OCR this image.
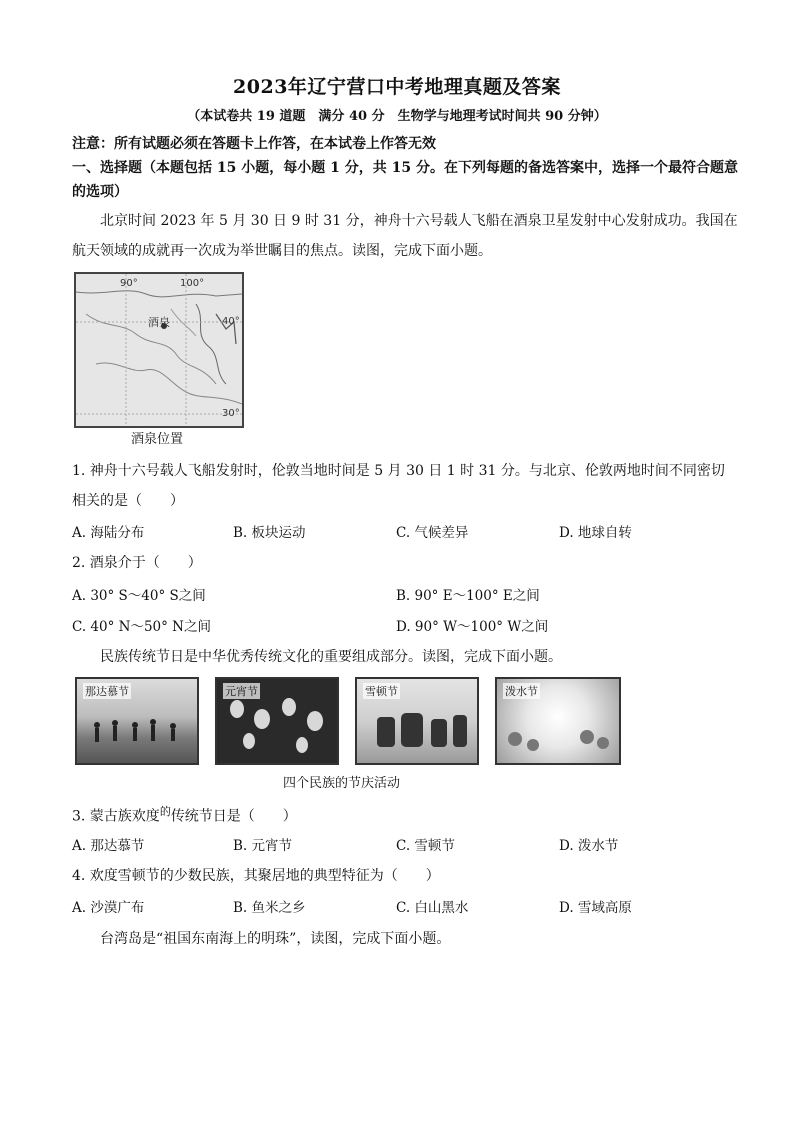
2023年辽宁营口中考地理真题及答案
（本试卷共 19 道题　满分 40 分　生物学与地理考试时间共 90 分钟）
注意：所有试题必须在答题卡上作答，在本试卷上作答无效
一、选择题（本题包括 15 小题，每小题 1 分，共 15 分。在下列每题的备选答案中，选择一个最符合题意
的选项）
北京时间 2023 年 5 月 30 日 9 时 31 分，神舟十六号载人飞船在酒泉卫星发射中心发射成功。我国在
航天领域的成就再一次成为举世瞩目的焦点。读图，完成下面小题。
90°	100°
40°
30°
酒泉
酒泉位置
1. 神舟十六号载人飞船发射时，伦敦当地时间是 5 月 30 日 1 时 31 分。与北京、伦敦两地时间不同密切
相关的是（　　）
A. 海陆分布	B. 板块运动	C. 气候差异	D. 地球自转
2. 酒泉介于（　　）
A. 30° S～40° S之间	B. 90° E～100° E之间
C. 40° N～50° N之间	D. 90° W～100° W之间
民族传统节日是中华优秀传统文化的重要组成部分。读图，完成下面小题。
那达慕节	元宵节	雪顿节	泼水节
四个民族的节庆活动
3. 蒙古族欢度$^的$传统节日是（　　）
A. 那达慕节	B. 元宵节	C. 雪顿节	D. 泼水节
4. 欢度雪顿节的少数民族，其聚居地的典型特征为（　　）
A. 沙漠广布	B. 鱼米之乡	C. 白山黑水	D. 雪域高原
台湾岛是“祖国东南海上的明珠”，读图，完成下面小题。
